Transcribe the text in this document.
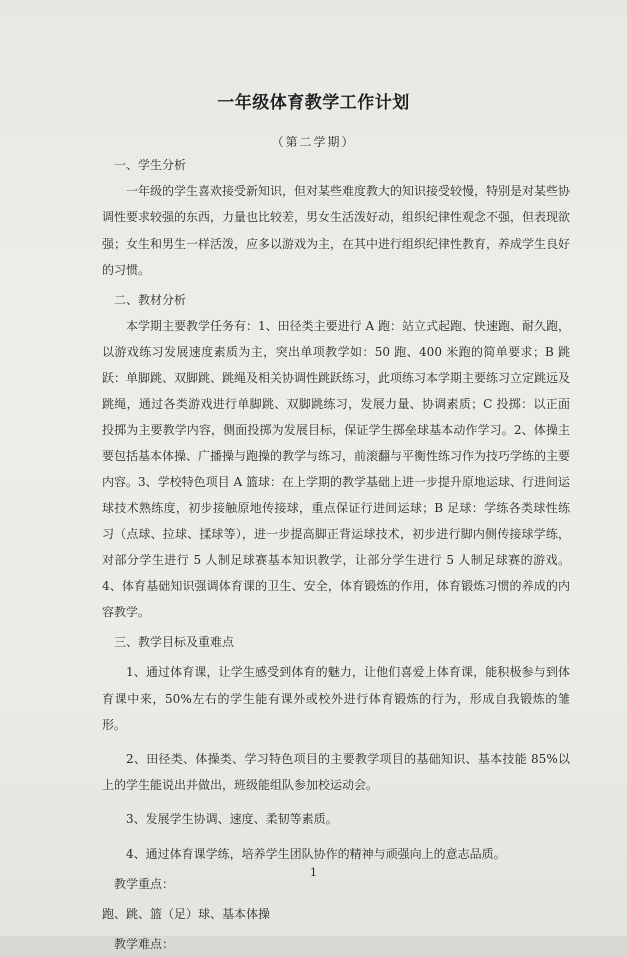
一年级体育教学工作计划
（第二学期）

一、学生分析

一年级的学生喜欢接受新知识，但对某些难度教大的知识接受较慢，特别是对某些协调性要求较强的东西，力量也比较差，男女生活泼好动，组织纪律性观念不强，但表现欲强；女生和男生一样活泼，应多以游戏为主，在其中进行组织纪律性教育，养成学生良好的习惯。

二、教材分析

本学期主要教学任务有：1、田径类主要进行 A 跑：站立式起跑、快速跑、耐久跑，以游戏练习发展速度素质为主，突出单项教学如：50 跑、400 米跑的简单要求；B 跳跃：单脚跳、双脚跳、跳绳及相关协调性跳跃练习，此项练习本学期主要练习立定跳远及跳绳，通过各类游戏进行单脚跳、双脚跳练习，发展力量、协调素质；C 投掷：以正面投掷为主要教学内容，侧面投掷为发展目标，保证学生掷垒球基本动作学习。2、体操主要包括基本体操、广播操与跑操的教学与练习，前滚翻与平衡性练习作为技巧学练的主要内容。3、学校特色项目 A 篮球：在上学期的教学基础上进一步提升原地运球、行进间运球技术熟练度，初步接触原地传接球，重点保证行进间运球；B 足球：学练各类球性练习（点球、拉球、揉球等），进一步提高脚正背运球技术，初步进行脚内侧传接球学练，对部分学生进行 5 人制足球赛基本知识教学，让部分学生进行 5 人制足球赛的游戏。4、体育基础知识强调体育课的卫生、安全，体育锻炼的作用，体育锻炼习惯的养成的内容教学。

三、教学目标及重难点

1、通过体育课，让学生感受到体育的魅力，让他们喜爱上体育课，能积极参与到体育课中来，50%左右的学生能有课外或校外进行体育锻炼的行为，形成自我锻炼的雏形。

2、田径类、体操类、学习特色项目的主要教学项目的基础知识、基本技能 85%以上的学生能说出并做出，班级能组队参加校运动会。

3、发展学生协调、速度、柔韧等素质。

4、通过体育课学练，培养学生团队协作的精神与顽强向上的意志品质。

教学重点：

跑、跳、篮（足）球、基本体操

教学难点：

1
